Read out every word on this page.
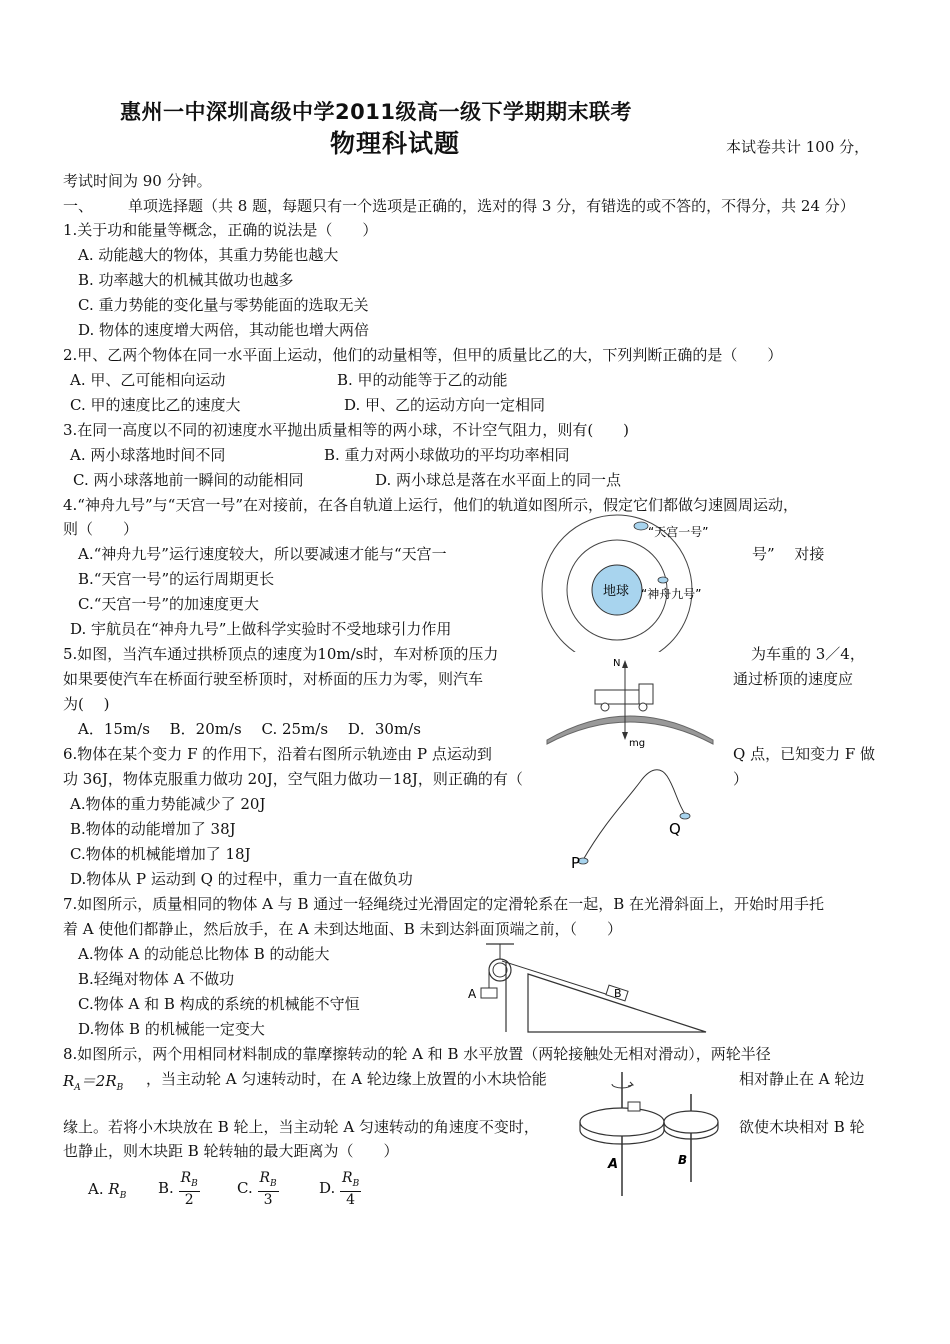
惠州一中深圳高级中学2011级高一级下学期期末联考
物理科试题	本试卷共计 100 分，
考试时间为 90 分钟。
一、 单项选择题（共 8 题，每题只有一个选项是正确的，选对的得 3 分，有错选的或不答的，不得分，共 24 分）
1.关于功和能量等概念，正确的说法是（　　）
A. 动能越大的物体，其重力势能也越大
B. 功率越大的机械其做功也越多
C. 重力势能的变化量与零势能面的选取无关
D. 物体的速度增大两倍，其动能也增大两倍
2.甲、乙两个物体在同一水平面上运动，他们的动量相等，但甲的质量比乙的大，下列判断正确的是（　　）
A. 甲、乙可能相向运动	B. 甲的动能等于乙的动能
C. 甲的速度比乙的速度大	D. 甲、乙的运动方向一定相同
3.在同一高度以不同的初速度水平抛出质量相等的两小球，不计空气阻力，则有(　　)
A. 两小球落地时间不同	B. 重力对两小球做功的平均功率相同
C. 两小球落地前一瞬间的动能相同	D. 两小球总是落在水平面上的同一点
4.“神舟九号”与“天宫一号”在对接前，在各自轨道上运行，他们的轨道如图所示，假定它们都做匀速圆周运动，
则（　　）
A.“神舟九号”运行速度较大，所以要减速才能与“天宫一	号”　 对接
B.“天宫一号”的运行周期更长
C.“天宫一号”的加速度更大
D. 宇航员在“神舟九号”上做科学实验时不受地球引力作用
地球
“天宫一号”
“神舟九号”
5.如图，当汽车通过拱桥顶点的速度为10m/s时，车对桥顶的压力	为车重的 3／4，
如果要使汽车在桥面行驶至桥顶时，对桥面的压力为零，则汽车	通过桥顶的速度应
为(　 )
A．15m/s　 B．20m/s　 C. 25m/s　 D．30m/s
N
mg
6.物体在某个变力 F 的作用下，沿着右图所示轨迹由 P 点运动到	Q 点，已知变力 F 做
功 36J，物体克服重力做功 20J，空气阻力做功－18J，则正确的有（	）
A.物体的重力势能减少了 20J
B.物体的动能增加了 38J
C.物体的机械能增加了 18J
D.物体从 P 运动到 Q 的过程中，重力一直在做负功
P
Q
7.如图所示，质量相同的物体 A 与 B 通过一轻绳绕过光滑固定的定滑轮系在一起，B 在光滑斜面上，开始时用手托
着 A 使他们都静止，然后放手，在 A 未到达地面、B 未到达斜面顶端之前，（　　）
A.物体 A 的动能总比物体 B 的动能大
B.轻绳对物体 A 不做功
C.物体 A 和 B 构成的系统的机械能不守恒
D.物体 B 的机械能一定变大
A	B
8.如图所示，两个用相同材料制成的靠摩擦转动的轮 A 和 B 水平放置（两轮接触处无相对滑动），两轮半径
$R_A=2R_B$ ，当主动轮 A 匀速转动时，在 A 轮边缘上放置的小木块恰能	相对静止在 A 轮边
缘上。若将小木块放在 B 轮上，当主动轮 A 匀速转动的角速度不变时，	欲使木块相对 B 轮
也静止，则木块距 B 轮转轴的最大距离为（　　）
A. $R_B$ B. $\frac{R_B}{2} C$. $\frac{R_B}{3}$	D. $\frac{R_B}{4}$
A	B
